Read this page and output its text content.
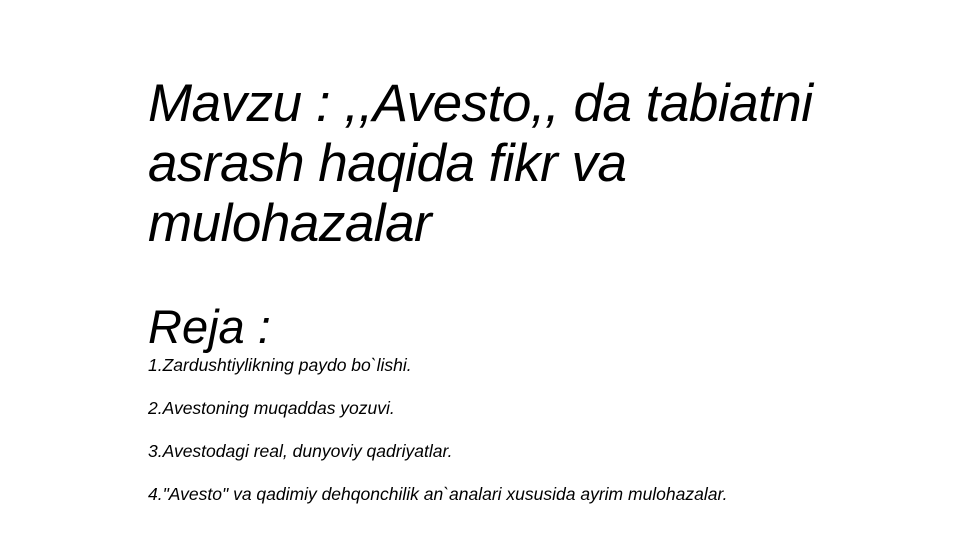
Mavzu : ,,Avesto,, da tabiatni
asrash haqida fikr va
mulohazalar
Reja :
1.Zardushtiylikning paydo bo`lishi.
2.Avestoning muqaddas yozuvi.
3.Avestodagi real, dunyoviy qadriyatlar.
4."Avesto" va qadimiy dehqonchilik an`analari xususida ayrim mulohazalar.
